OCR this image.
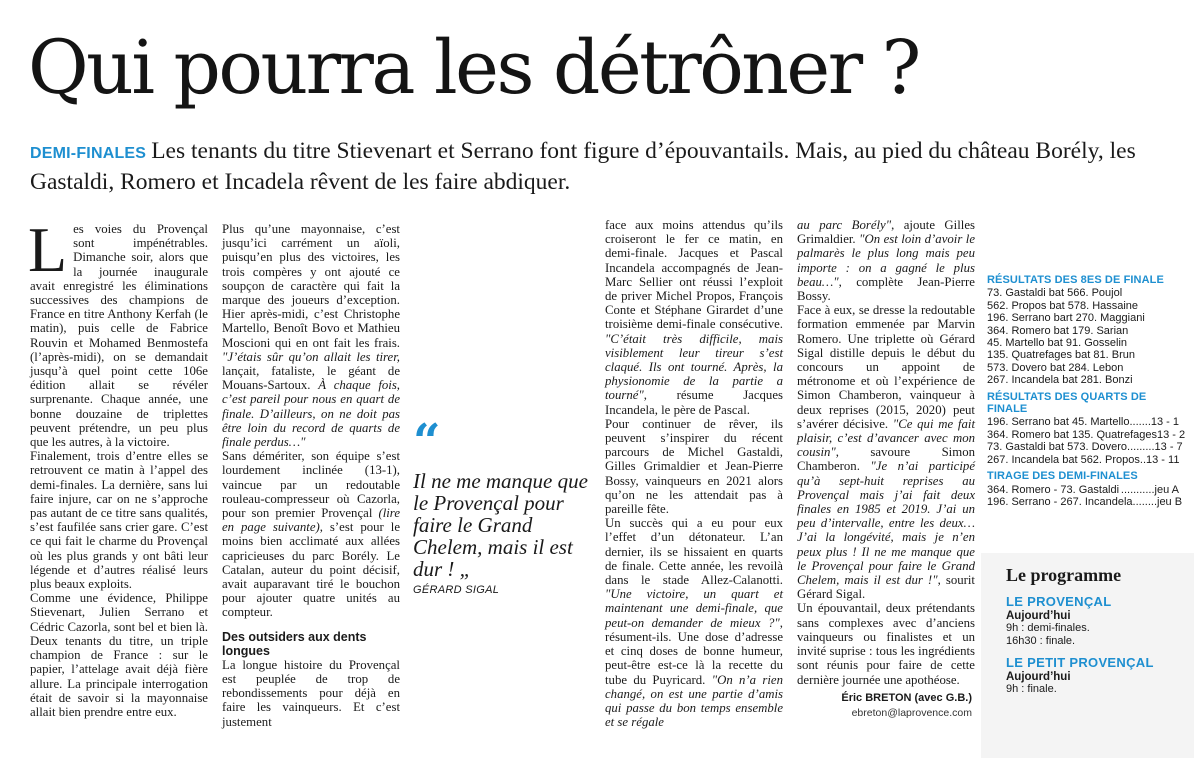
Qui pourra les détrôner ?
DEMI-FINALES Les tenants du titre Stievenart et Serrano font figure d’épouvantails. Mais, au pied du château Borély, les Gastaldi, Romero et Incadela rêvent de les faire abdiquer.
L es voies du Provençal sont impénétrables. Dimanche soir, alors que la journée inaugurale avait enregistré les éliminations successives des champions de France en titre Anthony Kerfah (le matin), puis celle de Fabrice Rouvin et Mohamed Benmostefa (l’après-midi), on se demandait jusqu’à quel point cette 106e édition allait se révéler surprenante. Chaque année, une bonne douzaine de triplettes peuvent prétendre, un peu plus que les autres, à la victoire.

Finalement, trois d’entre elles se retrouvent ce matin à l’appel des demi-finales. La dernière, sans lui faire injure, car on ne s’approche pas autant de ce titre sans qualités, s’est faufilée sans crier gare. C’est ce qui fait le charme du Provençal où les plus grands y ont bâti leur légende et d’autres réalisé leurs plus beaux exploits.

Comme une évidence, Philippe Stievenart, Julien Serrano et Cédric Cazorla, sont bel et bien là. Deux tenants du titre, un triple champion de France : sur le papier, l’attelage avait déjà fière allure. La principale interrogation était de savoir si la mayonnaise allait bien prendre entre eux.

Plus qu’une mayonnaise, c’est jusqu’ici carrément un aïoli, puisqu’en plus des victoires, les trois compères y ont ajouté ce soupçon de caractère qui fait la marque des joueurs d’exception. Hier après-midi, c’est Christophe Martello, Benoît Bovo et Mathieu Moscioni qui en ont fait les frais. "J’étais sûr qu’on allait les tirer, lançait, fataliste, le géant de Mouans-Sartoux. À chaque fois, c’est pareil pour nous en quart de finale. D’ailleurs, on ne doit pas être loin du record de quarts de finale perdus…"

Sans démériter, son équipe s’est lourdement inclinée (13-1), vaincue par un redoutable rouleau-compresseur où Cazorla, pour son premier Provençal (lire en page suivante), s’est pour le moins bien acclimaté aux allées capricieuses du parc Borély. Le Catalan, auteur du point décisif, avait auparavant tiré le bouchon pour ajouter quatre unités au compteur.

Des outsiders aux dents longues

La longue histoire du Provençal est peuplée de trop de rebondissements pour déjà en faire les vainqueurs. Et c’est justement

“
Il ne me manque que le Provençal pour faire le Grand Chelem, mais il est dur ! „
GÉRARD SIGAL

face aux moins attendus qu’ils croiseront le fer ce matin, en demi-finale. Jacques et Pascal Incandela accompagnés de Jean-Marc Sellier ont réussi l’exploit de priver Michel Propos, François Conte et Stéphane Girardet d’une troisième demi-finale consécutive. "C’était très difficile, mais visiblement leur tireur s’est claqué. Ils ont tourné. Après, la physionomie de la partie a tourné", résume Jacques Incandela, le père de Pascal.

Pour continuer de rêver, ils peuvent s’inspirer du récent parcours de Michel Gastaldi, Gilles Grimaldier et Jean-Pierre Bossy, vainqueurs en 2021 alors qu’on ne les attendait pas à pareille fête.

Un succès qui a eu pour eux l’effet d’un détonateur. L’an dernier, ils se hissaient en quarts de finale. Cette année, les revoilà dans le stade Allez-Calanotti. "Une victoire, un quart et maintenant une demi-finale, que peut-on demander de mieux ?", résument-ils. Une dose d’adresse et cinq doses de bonne humeur, peut-être est-ce là la recette du tube du Puyricard. "On n’a rien changé, on est une partie d’amis qui passe du bon temps ensemble et se régale

au parc Borély", ajoute Gilles Grimaldier. "On est loin d’avoir le palmarès le plus long mais peu importe : on a gagné le plus beau…", complète Jean-Pierre Bossy.

Face à eux, se dresse la redoutable formation emmenée par Marvin Romero. Une triplette où Gérard Sigal distille depuis le début du concours un appoint de métronome et où l’expérience de Simon Chamberon, vainqueur à deux reprises (2015, 2020) peut s’avérer décisive. "Ce qui me fait plaisir, c’est d’avancer avec mon cousin", savoure Simon Chamberon. "Je n’ai participé qu’à sept-huit reprises au Provençal mais j’ai fait deux finales en 1985 et 2019. J’ai un peu d’intervalle, entre les deux… J’ai la longévité, mais je n’en peux plus ! Il ne me manque que le Provençal pour faire le Grand Chelem, mais il est dur !", sourit Gérard Sigal.

Un épouvantail, deux prétendants sans complexes avec d’anciens vainqueurs ou finalistes et un invité suprise : tous les ingrédients sont réunis pour faire de cette dernière journée une apothéose.

Éric BRETON (avec G.B.)
ebreton@laprovence.com
RÉSULTATS DES 8ES DE FINALE
73. Gastaldi bat 566. Poujol
562. Propos bat 578. Hassaine
196. Serrano bart 270. Maggiani
364. Romero bat 179. Sarian
45. Martello bat 91. Gosselin
135. Quatrefages bat 81. Brun
573. Dovero bat 284. Lebon
267. Incandela bat 281. Bonzi
RÉSULTATS DES QUARTS DE FINALE
196. Serrano bat 45. Martello .......13 - 1
364. Romero bat 135. Quatrefages 13 - 2
73. Gastaldi bat 573. Dovero .........13 - 7
267. Incandela bat 562. Propos ..13 - 11
TIRAGE DES DEMI-FINALES
364. Romero - 73. Gastaldi ...........jeu A
196. Serrano - 267. Incandela ........jeu B
Le programme
LE PROVENÇAL
Aujourd’hui
9h : demi-finales.
16h30 : finale.
LE PETIT PROVENÇAL
Aujourd’hui
9h : finale.
